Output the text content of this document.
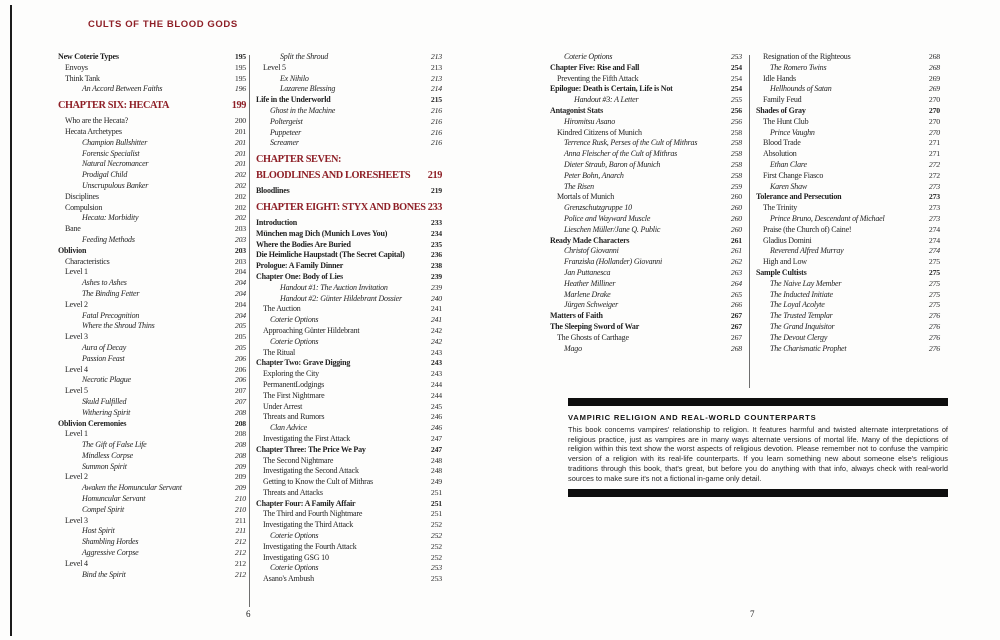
CULTS OF THE BLOOD GODS
New Coterie Types	195
Envoys	195
Think Tank	195
An Accord Between Faiths	196
CHAPTER SIX: HECATA	199
Who are the Hecata?	200
Hecata Archetypes	201
Champion Bullshitter	201
Forensic Specialist	201
Natural Necromancer	201
Prodigal Child	202
Unscrupulous Banker	202
Disciplines	202
Compulsion	202
Hecata: Morbidity	202
Bane	203
Feeding Methods	203
Oblivion	203
Characteristics	203
Level 1	204
Ashes to Ashes	204
The Binding Fetter	204
Level 2	204
Fatal Precognition	204
Where the Shroud Thins	205
Level 3	205
Aura of Decay	205
Passion Feast	206
Level 4	206
Necrotic Plague	206
Level 5	207
Skuld Fulfilled	207
Withering Spirit	208
Oblivion Ceremonies	208
Level 1	208
The Gift of False Life	208
Mindless Corpse	208
Summon Spirit	209
Level 2	209
Awaken the Homuncular Servant	209
Homuncular Servant	210
Compel Spirit	210
Level 3	211
Host Spirit	211
Shambling Hordes	212
Aggressive Corpse	212
Level 4	212
Bind the Spirit	212
Split the Shroud	213
Level 5	213
Ex Nihilo	213
Lazarene Blessing	214
Life in the Underworld	215
Ghost in the Machine	216
Poltergeist	216
Puppeteer	216
Screamer	216
CHAPTER SEVEN:
BLOODLINES AND LORESHEETS 219
Bloodlines	219
CHAPTER EIGHT: STYX AND BONES 233
Introduction	233
München mag Dich (Munich Loves You)	234
Where the Bodies Are Buried	235
Die Heimliche Haupstadt (The Secret Capital)	236
Prologue: A Family Dinner	238
Chapter One: Body of Lies	239
Handout #1: The Auction Invitation	239
Handout #2: Günter Hildebrant Dossier	240
The Auction	241
Coterie Options	241
Approaching Günter Hildebrant	242
Coterie Options	242
The Ritual	243
Chapter Two: Grave Digging	243
Exploring the City	243
PermanentLodgings	244
The First Nightmare	244
Under Arrest	245
Threats and Rumors	246
Clan Advice	246
Investigating the First Attack	247
Chapter Three: The Price We Pay	247
The Second Nightmare	248
Investigating the Second Attack	248
Getting to Know the Cult of Mithras	249
Threats and Attacks	251
Chapter Four: A Family Affair	251
The Third and Fourth Nightmare	251
Investigating the Third Attack	252
Coterie Options	252
Investigating the Fourth Attack	252
Investigating GSG 10	252
Coterie Options	253
Asano's Ambush	253
Coterie Options	253
Chapter Five: Rise and Fall	254
Preventing the Fifth Attack	254
Epilogue: Death is Certain, Life is Not	254
Handout #3: A Letter	255
Antagonist Stats	256
Hiromitsu Asano	256
Kindred Citizens of Munich	258
Terrence Rusk, Perses of the Cult of Mithras	258
Anna Fleischer of the Cult of Mithras	258
Dieter Straub, Baron of Munich	258
Peter Bohn, Anarch	258
The Risen	259
Mortals of Munich	260
Grenzschutzgruppe 10	260
Police and Wayward Muscle	260
Lieschen Müller/Jane Q. Public	260
Ready Made Characters	261
Christof Giovanni	261
Franziska (Hollander) Giovanni	262
Jan Puttanesca	263
Heather Milliner	264
Marlene Drake	265
Jürgen Schweiger	266
Matters of Faith	267
The Sleeping Sword of War	267
The Ghosts of Carthage	267
Mago	268
Resignation of the Righteous	268
The Romero Twins	268
Idle Hands	269
Hellhounds of Satan	269
Family Feud	270
Shades of Gray	270
The Hunt Club	270
Prince Vaughn	270
Blood Trade	271
Absolution	271
Ethan Clare	272
First Change Fiasco	272
Karen Shaw	273
Tolerance and Persecution	273
The Trinity	273
Prince Bruno, Descendant of Michael	273
Praise (the Church of) Caine!	274
Gladius Domini	274
Reverend Alfred Murray	274
High and Low	275
Sample Cultists	275
The Naive Lay Member	275
The Inducted Initiate	275
The Loyal Acolyte	275
The Trusted Templar	276
The Grand Inquisitor	276
The Devout Clergy	276
The Charismatic Prophet	276
VAMPIRIC RELIGION AND REAL-WORLD COUNTERPARTS
This book concerns vampires' relationship to religion. It features harmful and twisted alternate interpretations of religious practice, just as vampires are in many ways alternate versions of mortal life. Many of the depictions of religion within this text show the worst aspects of religious devotion. Please remember not to confuse the vampiric version of a religion with its real-life counterparts. If you learn something new about someone else's religious traditions through this book, that's great, but before you do anything with that info, always check with real-world sources to make sure it's not a fictional in-game only detail.
6	7
